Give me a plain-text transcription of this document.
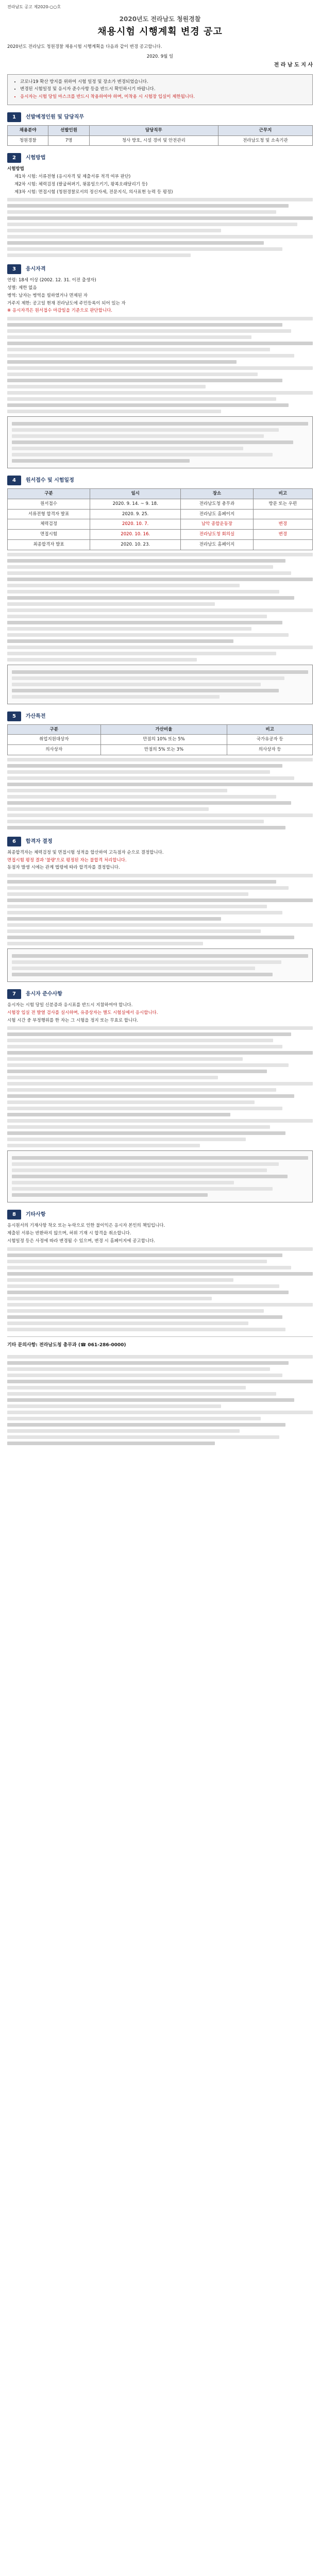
전라남도 공고 제2020-○○호
2020년도 전라남도 청원경찰
채용시험 시행계획 변경 공고
2020년도 전라남도 청원경찰 채용시험 시행계획을 다음과 같이 변경 공고합니다.
2020. 9월 일
전 라 남 도 지 사
• 코로나19 확산 방지를 위하여 시험 일정 및 장소가 변경되었습니다.
• 변경된 시험일정 및 응시자 준수사항 등을 반드시 확인하시기 바랍니다.
• 응시자는 시험 당일 마스크를 반드시 착용하여야 하며, 미착용 시 시험장 입실이 제한됩니다.
1 선발예정인원 및 담당직무
채용분야	선발인원	담당직무	근무지
청원경찰	7명	청사 방호, 시설 경비 및 안전관리	전라남도청 및 소속기관
2 시험방법

시험방법

제1차 시험: 서류전형 (응시자격 및 제출서류 적격 여부 판단)

제2차 시험: 체력검정 (팔굽혀펴기, 윗몸일으키기, 왕복오래달리기 등)

제3차 시험: 면접시험 (청원경찰로서의 정신자세, 전문지식, 의사표현 능력 등 평정)

3 응시자격

연령: 18세 이상 (2002. 12. 31. 이전 출생자)

성별: 제한 없음

병역: 남자는 병역을 필하였거나 면제된 자

거주지 제한: 공고일 현재 전라남도에 주민등록이 되어 있는 자

※ 응시자격은 원서접수 마감일을 기준으로 판단합니다.

4 원서접수 및 시험일정
구분	일시	장소	비고
원서접수	2020. 9. 14. ~ 9. 18.	전라남도청 총무과	방문 또는 우편
서류전형 합격자 발표	2020. 9. 25.	전라남도 홈페이지	
체력검정	2020. 10. 7.	남악 종합운동장	변경
면접시험	2020. 10. 16.	전라남도청 회의실	변경
최종합격자 발표	2020. 10. 23.	전라남도 홈페이지	
5 가산특전
구분	가산비율	비고
취업지원대상자	만점의 10% 또는 5%	국가유공자 등
의사상자	만점의 5% 또는 3%	의사상자 등
6 합격자 결정

최종합격자는 체력검정 및 면접시험 성적을 합산하여 고득점자 순으로 결정합니다.

면접시험 평정 결과 '불량'으로 평정된 자는 불합격 처리합니다.

동점자 발생 시에는 관계 법령에 따라 합격자를 결정합니다.

7 응시자 준수사항

응시자는 시험 당일 신분증과 응시표를 반드시 지참하여야 합니다.

시험장 입실 전 발열 검사를 실시하며, 유증상자는 별도 시험실에서 응시합니다.

시험 시간 중 부정행위를 한 자는 그 시험을 정지 또는 무효로 합니다.

8 기타사항

응시원서의 기재사항 착오 또는 누락으로 인한 불이익은 응시자 본인의 책임입니다.

제출된 서류는 반환하지 않으며, 허위 기재 시 합격을 취소합니다.

시험일정 등은 사정에 따라 변경될 수 있으며, 변경 시 홈페이지에 공고합니다.

기타 문의사항: 전라남도청 총무과 (☎ 061-286-0000)
